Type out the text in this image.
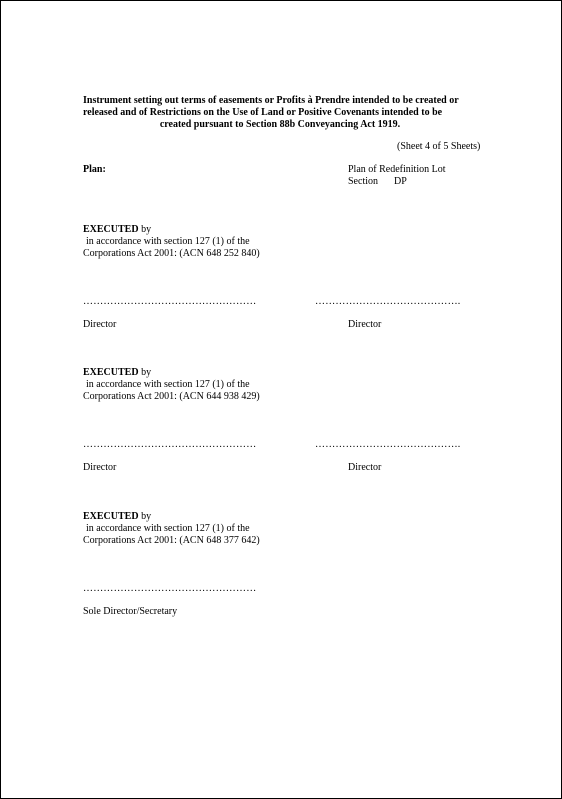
Instrument setting out terms of easements or Profits à Prendre intended to be created or
released and of Restrictions on the Use of Land or Positive Covenants intended to be
created pursuant to Section 88b Conveyancing Act 1919.
(Sheet 4 of 5 Sheets)
Plan:	Plan of Redefinition Lot
Section DP
EXECUTED by
in accordance with section 127 (1) of the
Corporations Act 2001: (ACN 648 252 840)
……………………………………………	…………………………………….
Director	Director
EXECUTED by
in accordance with section 127 (1) of the
Corporations Act 2001: (ACN 644 938 429)
……………………………………………	…………………………………….
Director	Director
EXECUTED by
in accordance with section 127 (1) of the
Corporations Act 2001: (ACN 648 377 642)
……………………………………………
Sole Director/Secretary
